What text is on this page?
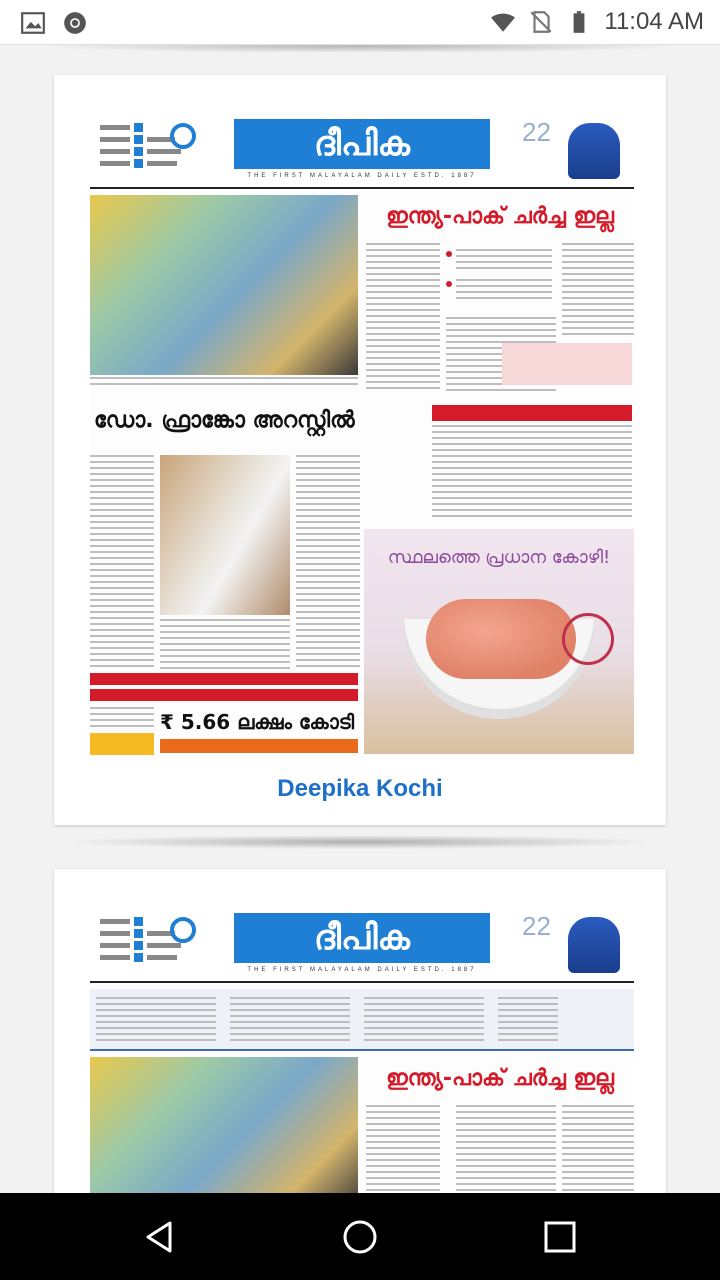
11:04 AM
ദീപിക
THE FIRST MALAYALAM DAILY ESTD. 1887
22
ഇന്ത്യ-പാക് ചർച്ച ഇല്ല
ഡോ. ഫ്രാങ്കോ അറസ്റ്റിൽ
സ്ഥലത്തെ പ്രധാന കോഴി!
₹ 5.66 ലക്ഷം കോടി
Deepika Kochi
ദീപിക
THE FIRST MALAYALAM DAILY ESTD. 1887
22
ഇന്ത്യ-പാക് ചർച്ച ഇല്ല
